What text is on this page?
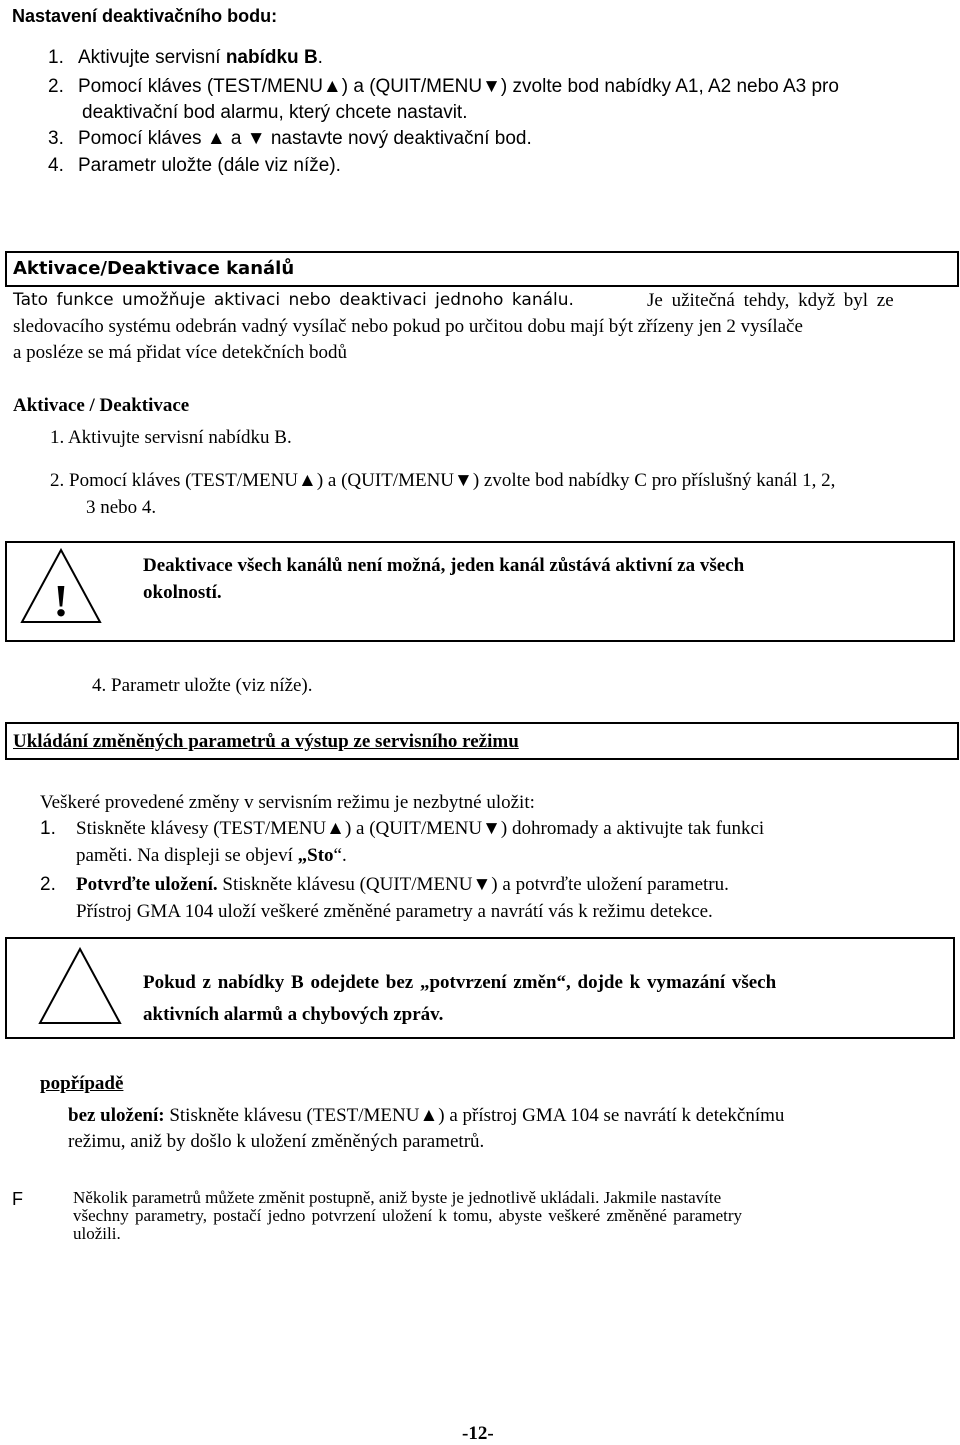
Nastavení deaktivačního bodu:
1. Aktivujte servisní nabídku B.
2. Pomocí kláves (TEST/MENU▲) a (QUIT/MENU▼) zvolte bod nabídky A1, A2 nebo A3 pro
deaktivační bod alarmu, který chcete nastavit.
3. Pomocí kláves ▲ a ▼ nastavte nový deaktivační bod.
4. Parametr uložte (dále viz níže).
Aktivace/Deaktivace kanálů
Tato funkce umožňuje aktivaci nebo deaktivaci jednoho kanálu.	Je užitečná tehdy, když byl ze
sledovacího systému odebrán vadný vysílač nebo pokud po určitou dobu mají být zřízeny jen 2 vysílače
a posléze se má přidat více detekčních bodů
Aktivace / Deaktivace
1. Aktivujte servisní nabídku B.
2. Pomocí kláves (TEST/MENU▲) a (QUIT/MENU▼) zvolte bod nabídky C pro příslušný kanál 1, 2,
3 nebo 4.
!
Deaktivace všech kanálů není možná, jeden kanál zůstává aktivní za všech
okolností.
4. Parametr uložte (viz níže).
Ukládání změněných parametrů a výstup ze servisního režimu
Veškeré provedené změny v servisním režimu je nezbytné uložit:
1. Stiskněte klávesy (TEST/MENU▲) a (QUIT/MENU▼) dohromady a aktivujte tak funkci
paměti. Na displeji se objeví „Sto“.
2. Potvrďte uložení. Stiskněte klávesu (QUIT/MENU▼) a potvrďte uložení parametru.
Přístroj GMA 104 uloží veškeré změněné parametry a navrátí vás k režimu detekce.
Pokud z nabídky B odejdete bez „potvrzení změn“, dojde k vymazání všech
aktivních alarmů a chybových zpráv.
popřípadě
bez uložení: Stiskněte klávesu (TEST/MENU▲) a přístroj GMA 104 se navrátí k detekčnímu
režimu, aniž by došlo k uložení změněných parametrů.
F	Několik parametrů můžete změnit postupně, aniž byste je jednotlivě ukládali. Jakmile nastavíte
všechny parametry, postačí jedno potvrzení uložení k tomu, abyste veškeré změněné parametry
uložili.
-12-
